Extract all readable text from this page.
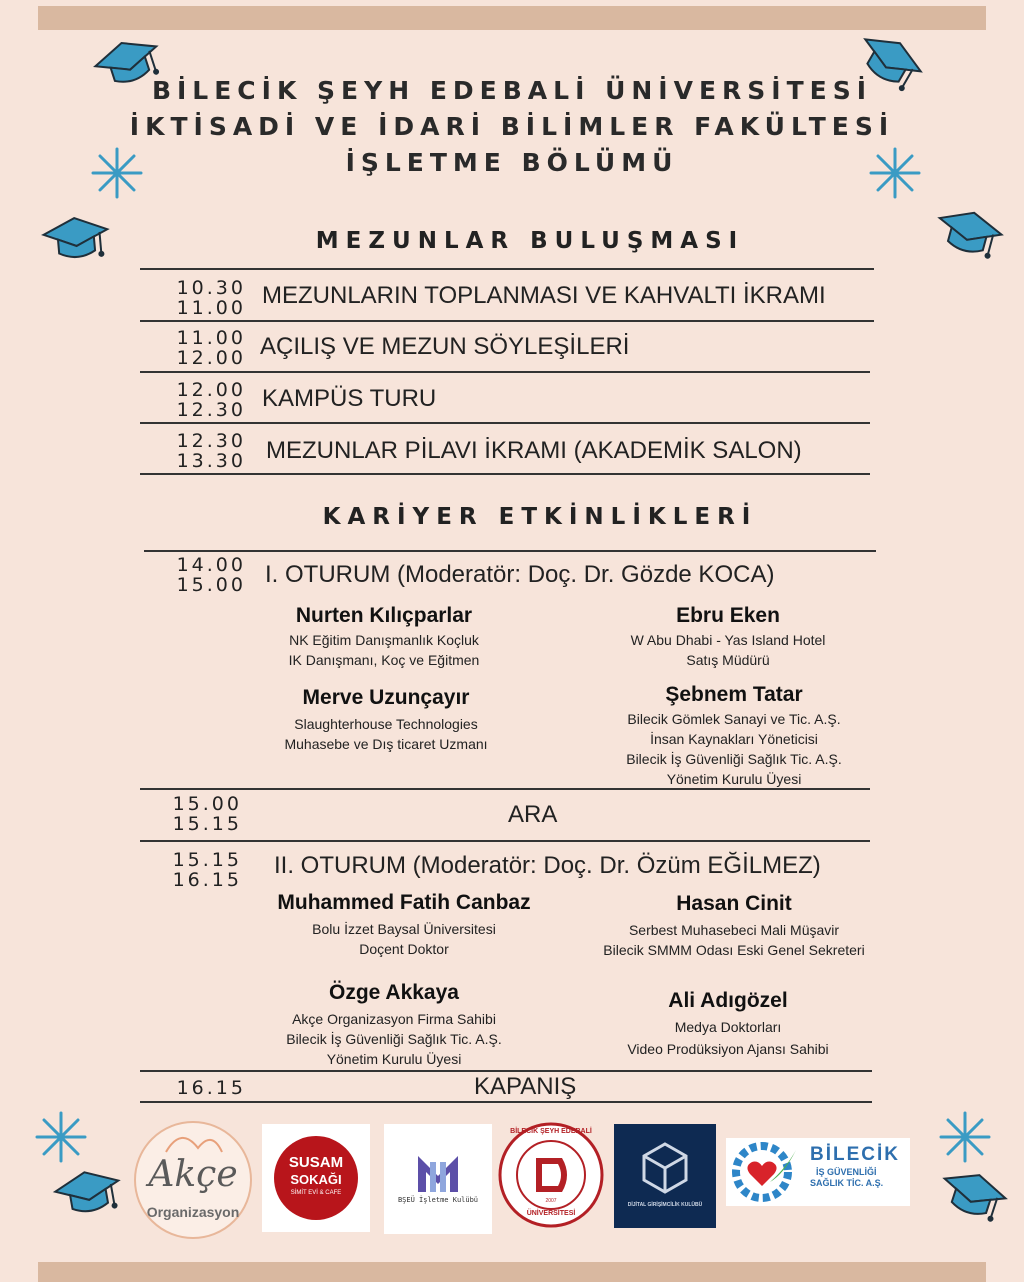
BİLECİK ŞEYH EDEBALİ ÜNİVERSİTESİ
İKTİSADİ VE İDARİ BİLİMLER FAKÜLTESİ
İŞLETME BÖLÜMÜ
MEZUNLAR BULUŞMASI
10.30
11.00 MEZUNLARIN TOPLANMASI VE KAHVALTI İKRAMI
11.00
12.00 AÇILIŞ VE MEZUN SÖYLEŞİLERİ
12.00
12.30 KAMPÜS TURU
12.30
13.30 MEZUNLAR PİLAVI İKRAMI (AKADEMİK SALON)
KARİYER ETKİNLİKLERİ
14.00
15.00 I. OTURUM (Moderatör: Doç. Dr. Gözde KOCA)
Nurten Kılıçparlar
NK Eğitim Danışmanlık Koçluk
IK Danışmanı, Koç ve Eğitmen
Ebru Eken
W Abu Dhabi - Yas Island Hotel
Satış Müdürü
Merve Uzunçayır
Slaughterhouse Technologies
Muhasebe ve Dış ticaret Uzmanı
Şebnem Tatar
Bilecik Gömlek Sanayi ve Tic. A.Ş.
İnsan Kaynakları Yöneticisi
Bilecik İş Güvenliği Sağlık Tic. A.Ş.
Yönetim Kurulu Üyesi
15.00
15.15	ARA
15.15
16.15
II. OTURUM (Moderatör: Doç. Dr. Özüm EĞİLMEZ)
Muhammed Fatih Canbaz
Bolu İzzet Baysal Üniversitesi
Doçent Doktor
Hasan Cinit
Serbest Muhasebeci Mali Müşavir
Bilecik SMMM Odası Eski Genel Sekreteri
Özge Akkaya
Akçe Organizasyon Firma Sahibi
Bilecik İş Güvenliği Sağlık Tic. A.Ş.
Yönetim Kurulu Üyesi
Ali Adıgözel
Medya Doktorları
Video Prodüksiyon Ajansı Sahibi
16.15	KAPANIŞ
Akçe
Organizasyon
SUSAM
SOKAĞI
SİMİT EVİ & CAFE
BŞEÜ İşletme Kulübü
BİLECİK ŞEYH EDEBALİ
ÜNİVERSİTESİ
2007
DİJİTAL GİRİŞİMCİLİK KULÜBÜ
BİLECİK
İŞ GÜVENLİĞİ
SAĞLIK TİC. A.Ş.
